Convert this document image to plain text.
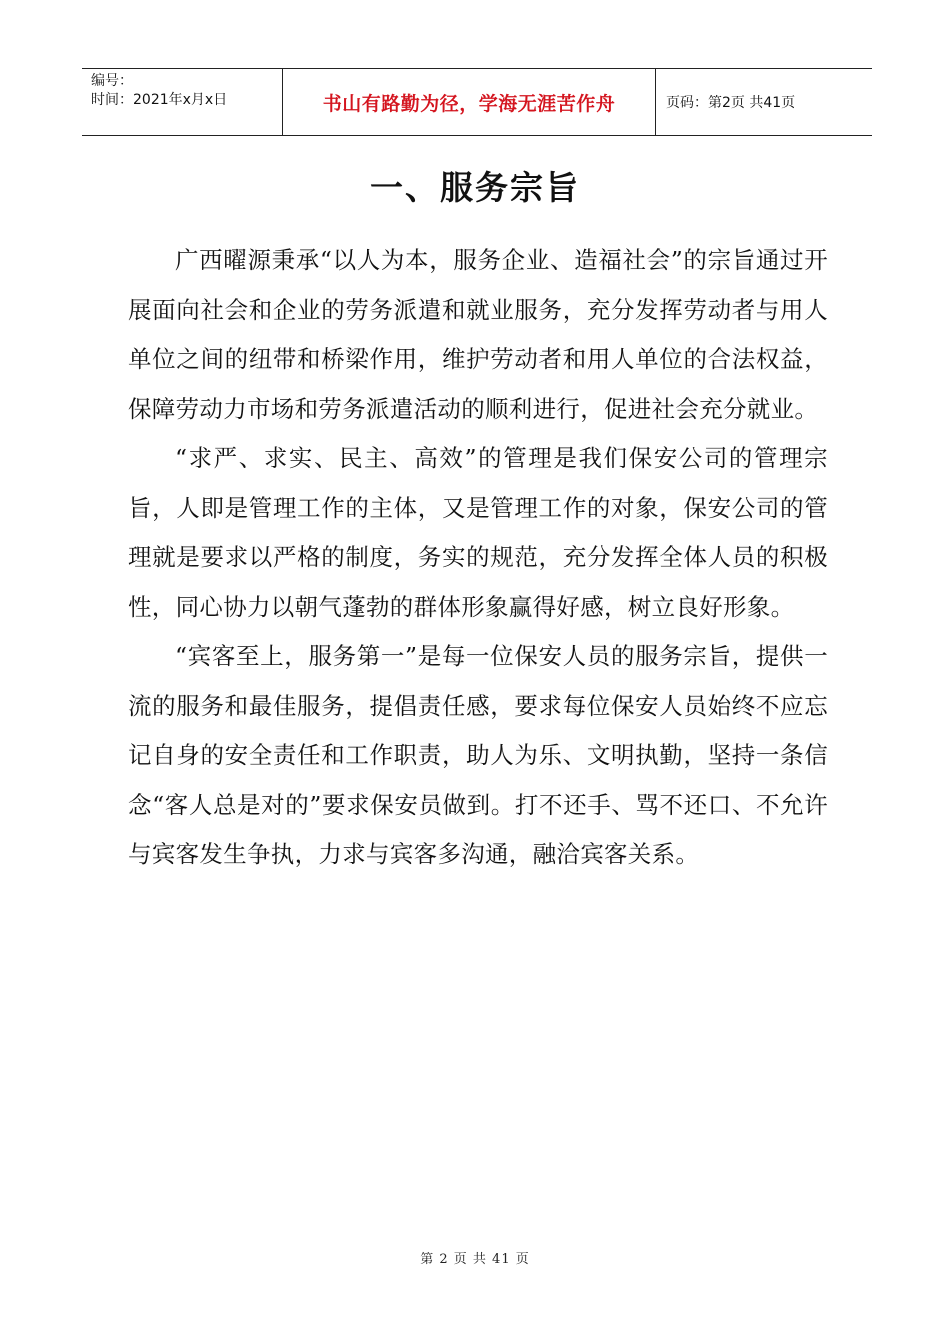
编号：
时间：2021年x月x日	书山有路勤为径，学海无涯苦作舟	页码：第2页 共41页
一、服务宗旨

广西曜源秉承“以人为本，服务企业、造福社会”的宗旨通过开展面向社会和企业的劳务派遣和就业服务，充分发挥劳动者与用人单位之间的纽带和桥梁作用，维护劳动者和用人单位的合法权益，保障劳动力市场和劳务派遣活动的顺利进行，促进社会充分就业。

“求严、求实、民主、高效”的管理是我们保安公司的管理宗旨，人即是管理工作的主体，又是管理工作的对象，保安公司的管理就是要求以严格的制度，务实的规范，充分发挥全体人员的积极性，同心协力以朝气蓬勃的群体形象赢得好感，树立良好形象。

“宾客至上，服务第一”是每一位保安人员的服务宗旨，提供一流的服务和最佳服务，提倡责任感，要求每位保安人员始终不应忘记自身的安全责任和工作职责，助人为乐、文明执勤，坚持一条信念“客人总是对的”要求保安员做到。打不还手、骂不还口、不允许与宾客发生争执，力求与宾客多沟通，融洽宾客关系。

第 2 页 共 41 页
